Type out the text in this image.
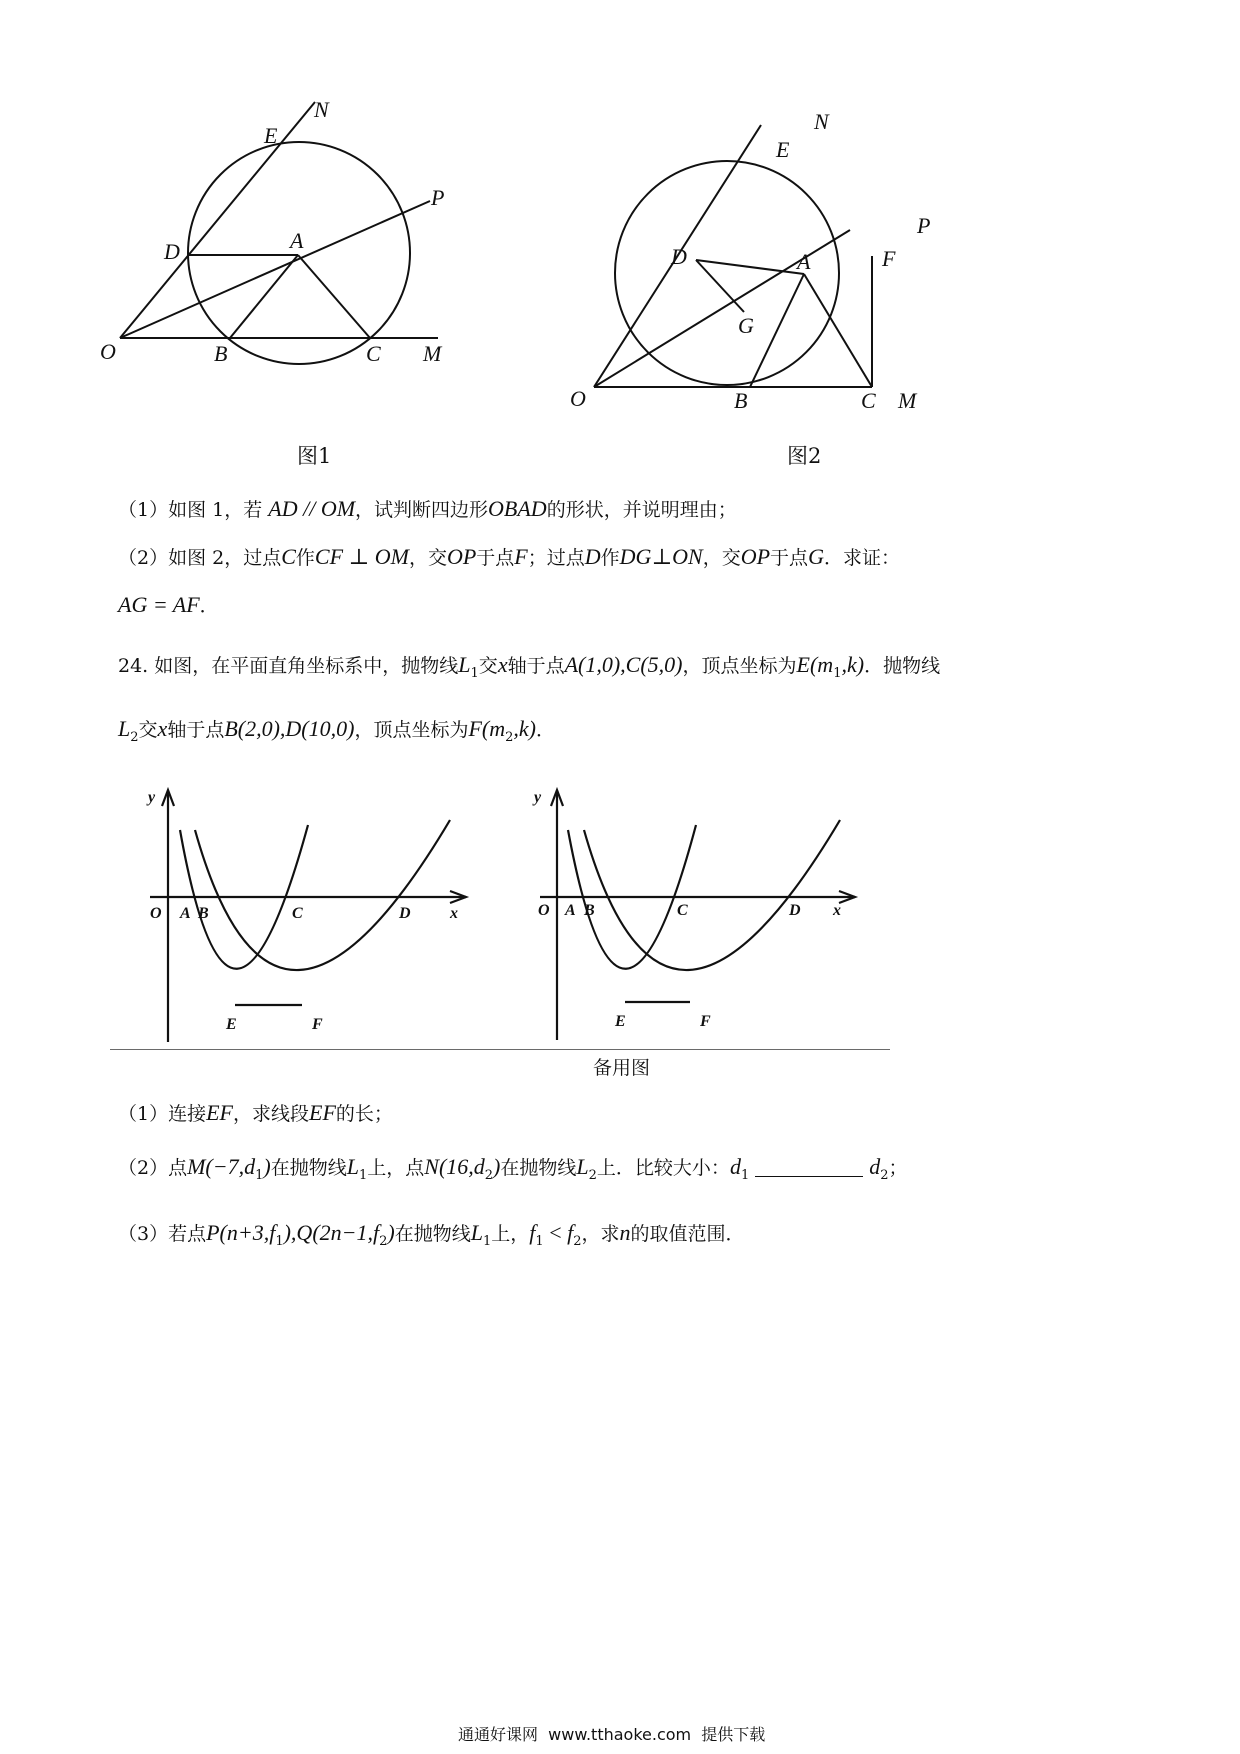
N
E
P
D	A
O	B	C M
图1
N
E
P
D	A	F
G
O	B	C M
图2
（1）如图 1，若 AD // OM，试判断四边形OBAD的形状，并说明理由；
（2）如图 2，过点C作CF ⊥ OM，交OP于点F；过点D作DG⊥ON，交OP于点G．求证：
AG = AF．
24. 如图，在平面直角坐标系中，抛物线$L_1$交x轴于点A(1,0),C(5,0)，顶点坐标为$E(m_1,k)$．抛物线
$L_2$交x轴于点B(2,0),D(10,0)，顶点坐标为$F(m_2,k)$．
y
O A B	C	D x
E	F
y
O A B	C	D x
E	F
备用图
（1）连接EF，求线段EF的长；
（2）点$M(-7,d_1)$在抛物线$L_1$上，点$N(16,d_2)$在抛物线$L_2$上．比较大小：$d_1$	$d_2$；
（3）若点$P(n+3,f_1),Q(2n-1,f_2)$在抛物线$L_1$上，$f_1 < f_2$，求n的取值范围．
通通好课网  www.tthaoke.com  提供下载
